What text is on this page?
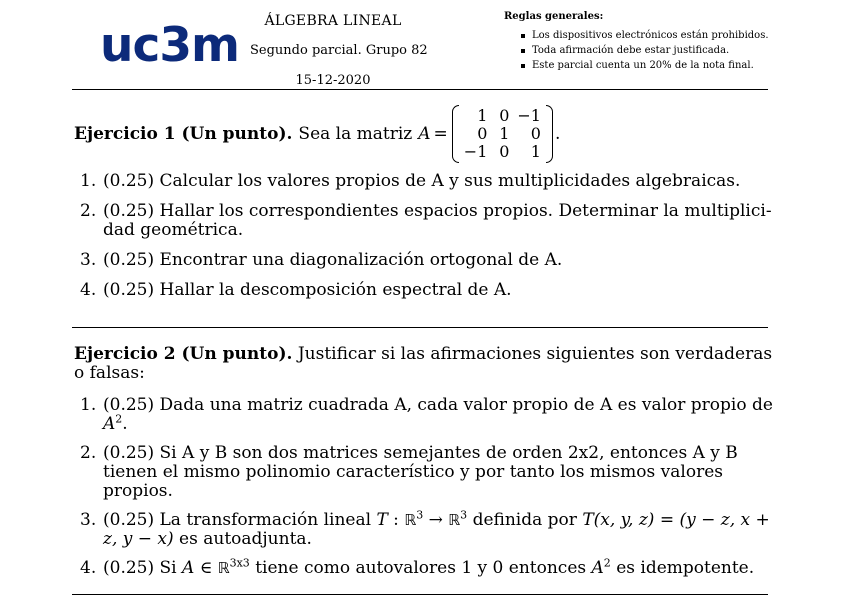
uc3m	ÁLGEBRA LINEAL
Segundo parcial. Grupo 82
15-12-2020
Reglas generales:
Los dispositivos electrónicos están prohibidos.
Toda afirmación debe estar justificada.
Este parcial cuenta un 20% de la nota final.
Ejercicio 1 (Un punto). Sea la matriz A =
1	0	−1
0	1	0
−1	0	1
.
1. (0.25) Calcular los valores propios de A y sus multiplicidades algebraicas.
2. (0.25) Hallar los correspondientes espacios propios. Determinar la multiplici-dad geométrica.
3. (0.25) Encontrar una diagonalización ortogonal de A.
4. (0.25) Hallar la descomposición espectral de A.
Ejercicio 2 (Un punto). Justificar si las afirmaciones siguientes son verdaderas o falsas:
1. (0.25) Dada una matriz cuadrada A, cada valor propio de A es valor propio de $A^2$.
2. (0.25) Si A y B son dos matrices semejantes de orden 2x2, entonces A y B tienen el mismo polinomio característico y por tanto los mismos valores propios.
3. (0.25) La transformación lineal T : ℝ$^3$ → ℝ$^3$ definida por T(x, y, z) = (y − z, x + z, y − x) es autoadjunta.
4. (0.25) Si A ∈ ℝ$^{3x3}$ tiene como autovalores 1 y 0 entonces $A^2$ es idempotente.
